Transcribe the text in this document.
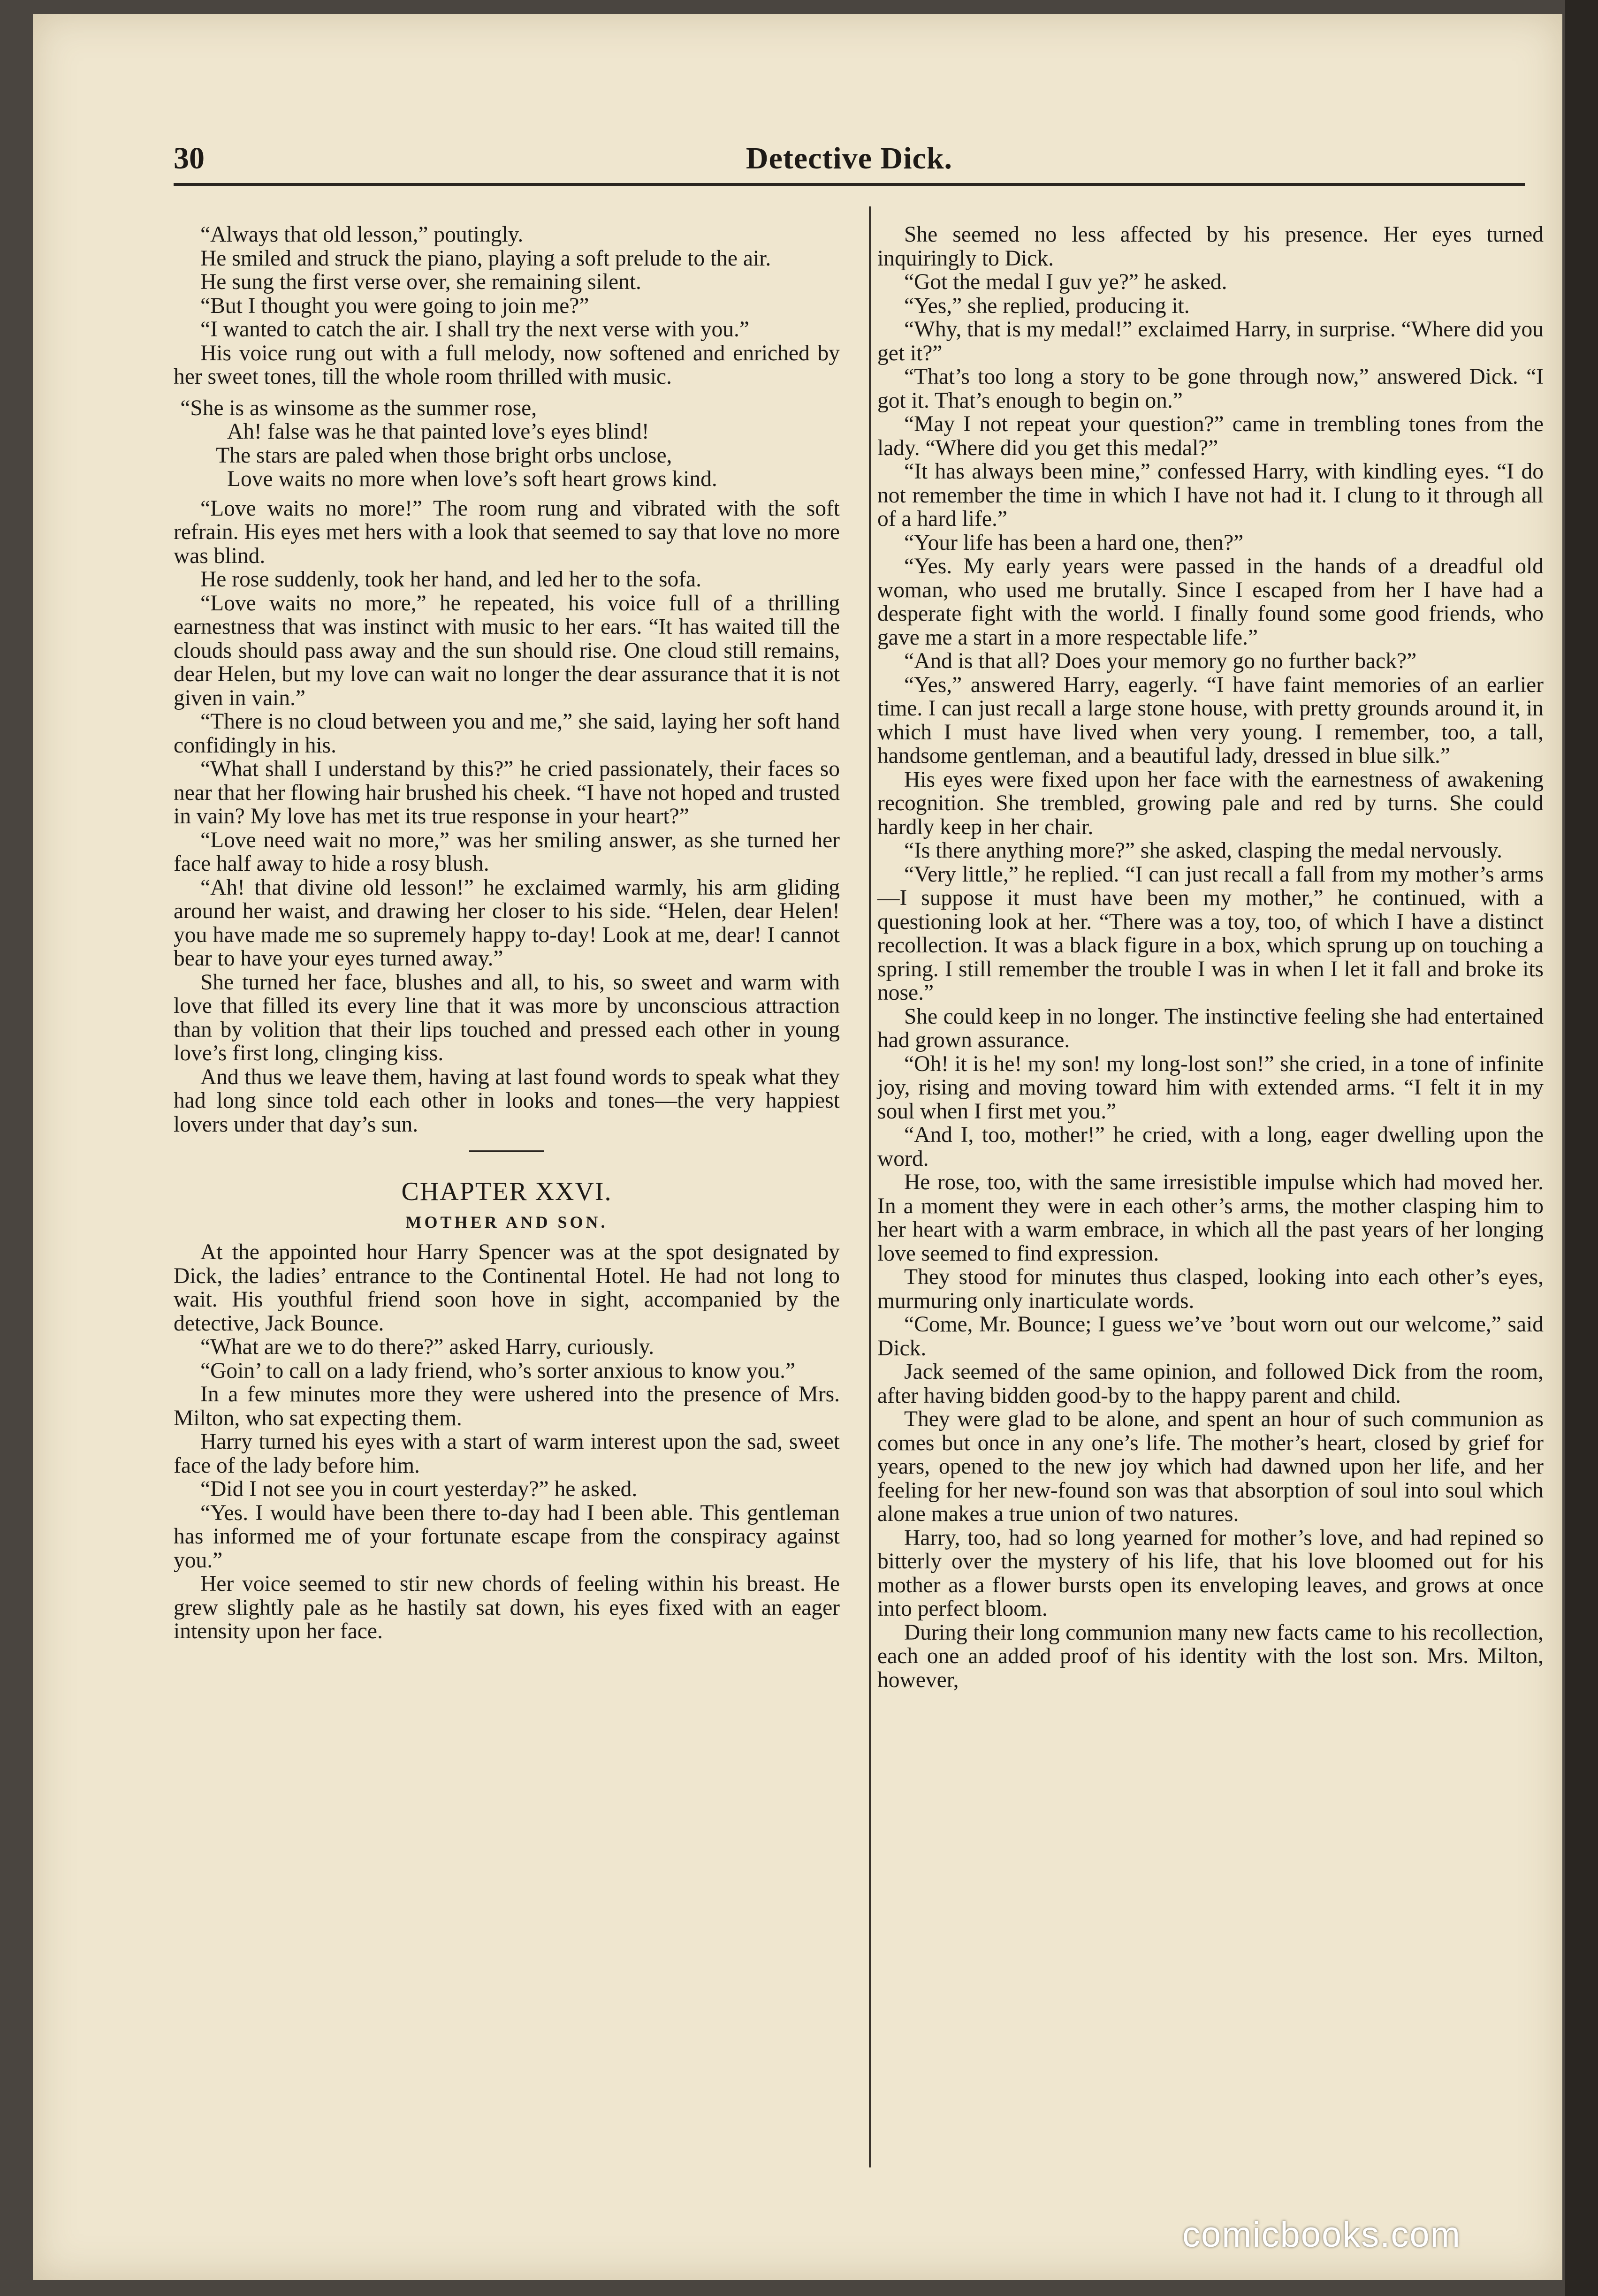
30	Detective Dick.

“Always that old lesson,” poutingly.

He smiled and struck the piano, playing a soft prelude to the air.

He sung the first verse over, she remaining silent.

“But I thought you were going to join me?”

“I wanted to catch the air. I shall try the next verse with you.”

His voice rung out with a full melody, now softened and enriched by her sweet tones, till the whole room thrilled with music.

“She is as winsome as the summer rose,
Ah! false was he that painted love’s eyes blind!
The stars are paled when those bright orbs unclose,
Love waits no more when love’s soft heart grows kind.

“Love waits no more!” The room rung and vibrated with the soft refrain. His eyes met hers with a look that seemed to say that love no more was blind.

He rose suddenly, took her hand, and led her to the sofa.

“Love waits no more,” he repeated, his voice full of a thrilling earnestness that was instinct with music to her ears. “It has waited till the clouds should pass away and the sun should rise. One cloud still remains, dear Helen, but my love can wait no longer the dear assurance that it is not given in vain.”

“There is no cloud between you and me,” she said, laying her soft hand confidingly in his.

“What shall I understand by this?” he cried passionately, their faces so near that her flowing hair brushed his cheek. “I have not hoped and trusted in vain? My love has met its true response in your heart?”

“Love need wait no more,” was her smiling answer, as she turned her face half away to hide a rosy blush.

“Ah! that divine old lesson!” he exclaimed warmly, his arm gliding around her waist, and drawing her closer to his side. “Helen, dear Helen! you have made me so supremely happy to-day! Look at me, dear! I cannot bear to have your eyes turned away.”

She turned her face, blushes and all, to his, so sweet and warm with love that filled its every line that it was more by unconscious attraction than by volition that their lips touched and pressed each other in young love’s first long, clinging kiss.

And thus we leave them, having at last found words to speak what they had long since told each other in looks and tones—the very happiest lovers under that day’s sun.

CHAPTER XXVI.
MOTHER AND SON.

At the appointed hour Harry Spencer was at the spot designated by Dick, the ladies’ entrance to the Continental Hotel. He had not long to wait. His youthful friend soon hove in sight, accompanied by the detective, Jack Bounce.

“What are we to do there?” asked Harry, curiously.

“Goin’ to call on a lady friend, who’s sorter anxious to know you.”

In a few minutes more they were ushered into the presence of Mrs. Milton, who sat expecting them.

Harry turned his eyes with a start of warm interest upon the sad, sweet face of the lady before him.

“Did I not see you in court yesterday?” he asked.

“Yes. I would have been there to-day had I been able. This gentleman has informed me of your fortunate escape from the conspiracy against you.”

Her voice seemed to stir new chords of feeling within his breast. He grew slightly pale as he hastily sat down, his eyes fixed with an eager intensity upon her face.

She seemed no less affected by his presence. Her eyes turned inquiringly to Dick.

“Got the medal I guv ye?” he asked.

“Yes,” she replied, producing it.

“Why, that is my medal!” exclaimed Harry, in surprise. “Where did you get it?”

“That’s too long a story to be gone through now,” answered Dick. “I got it. That’s enough to begin on.”

“May I not repeat your question?” came in trembling tones from the lady. “Where did you get this medal?”

“It has always been mine,” confessed Harry, with kindling eyes. “I do not remember the time in which I have not had it. I clung to it through all of a hard life.”

“Your life has been a hard one, then?”

“Yes. My early years were passed in the hands of a dreadful old woman, who used me brutally. Since I escaped from her I have had a desperate fight with the world. I finally found some good friends, who gave me a start in a more respectable life.”

“And is that all? Does your memory go no further back?”

“Yes,” answered Harry, eagerly. “I have faint memories of an earlier time. I can just recall a large stone house, with pretty grounds around it, in which I must have lived when very young. I remember, too, a tall, handsome gentleman, and a beautiful lady, dressed in blue silk.”

His eyes were fixed upon her face with the earnestness of awakening recognition. She trembled, growing pale and red by turns. She could hardly keep in her chair.

“Is there anything more?” she asked, clasping the medal nervously.

“Very little,” he replied. “I can just recall a fall from my mother’s arms—I suppose it must have been my mother,” he continued, with a questioning look at her. “There was a toy, too, of which I have a distinct recollection. It was a black figure in a box, which sprung up on touching a spring. I still remember the trouble I was in when I let it fall and broke its nose.”

She could keep in no longer. The instinctive feeling she had entertained had grown assurance.

“Oh! it is he! my son! my long-lost son!” she cried, in a tone of infinite joy, rising and moving toward him with extended arms. “I felt it in my soul when I first met you.”

“And I, too, mother!” he cried, with a long, eager dwelling upon the word.

He rose, too, with the same irresistible impulse which had moved her. In a moment they were in each other’s arms, the mother clasping him to her heart with a warm embrace, in which all the past years of her longing love seemed to find expression.

They stood for minutes thus clasped, looking into each other’s eyes, murmuring only inarticulate words.

“Come, Mr. Bounce; I guess we’ve ’bout worn out our welcome,” said Dick.

Jack seemed of the same opinion, and followed Dick from the room, after having bidden good-by to the happy parent and child.

They were glad to be alone, and spent an hour of such communion as comes but once in any one’s life. The mother’s heart, closed by grief for years, opened to the new joy which had dawned upon her life, and her feeling for her new-found son was that absorption of soul into soul which alone makes a true union of two natures.

Harry, too, had so long yearned for mother’s love, and had repined so bitterly over the mystery of his life, that his love bloomed out for his mother as a flower bursts open its enveloping leaves, and grows at once into perfect bloom.

During their long communion many new facts came to his recollection, each one an added proof of his identity with the lost son. Mrs. Milton, however,

comicbooks.com
